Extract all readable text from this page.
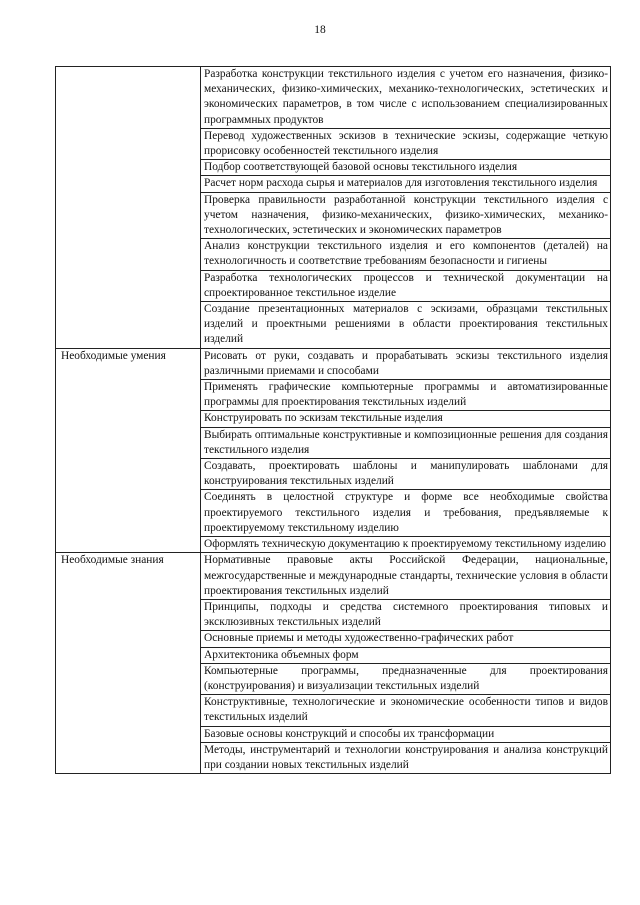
18
	Разработка конструкции текстильного изделия с учетом его назначения, физико-механических, физико-химических, механико-технологических, эстетических и экономических параметров, в том числе с использованием специализированных программных продуктов
	Перевод художественных эскизов в технические эскизы, содержащие четкую прорисовку особенностей текстильного изделия
	Подбор соответствующей базовой основы текстильного изделия
	Расчет норм расхода сырья и материалов для изготовления текстильного изделия
	Проверка правильности разработанной конструкции текстильного изделия с учетом назначения, физико-механических, физико-химических, механико-технологических, эстетических и экономических параметров
	Анализ конструкции текстильного изделия и его компонентов (деталей) на технологичность и соответствие требованиям безопасности и гигиены
	Разработка технологических процессов и технической документации на спроектированное текстильное изделие
	Создание презентационных материалов с эскизами, образцами текстильных изделий и проектными решениями в области проектирования текстильных изделий
Необходимые умения	Рисовать от руки, создавать и прорабатывать эскизы текстильного изделия различными приемами и способами
	Применять графические компьютерные программы и автоматизированные программы для проектирования текстильных изделий
	Конструировать по эскизам текстильные изделия
	Выбирать оптимальные конструктивные и композиционные решения для создания текстильного изделия
	Создавать, проектировать шаблоны и манипулировать шаблонами для конструирования текстильных изделий
	Соединять в целостной структуре и форме все необходимые свойства проектируемого текстильного изделия и требования, предъявляемые к проектируемому текстильному изделию
	Оформлять техническую документацию к проектируемому текстильному изделию
Необходимые знания	Нормативные правовые акты Российской Федерации, национальные, межгосударственные и международные стандарты, технические условия в области проектирования текстильных изделий
	Принципы, подходы и средства системного проектирования типовых и эксклюзивных текстильных изделий
	Основные приемы и методы художественно-графических работ
	Архитектоника объемных форм
	Компьютерные программы, предназначенные для проектирования (конструирования) и визуализации текстильных изделий
	Конструктивные, технологические и экономические особенности типов и видов текстильных изделий
	Базовые основы конструкций и способы их трансформации
	Методы, инструментарий и технологии конструирования и анализа конструкций при создании новых текстильных изделий
